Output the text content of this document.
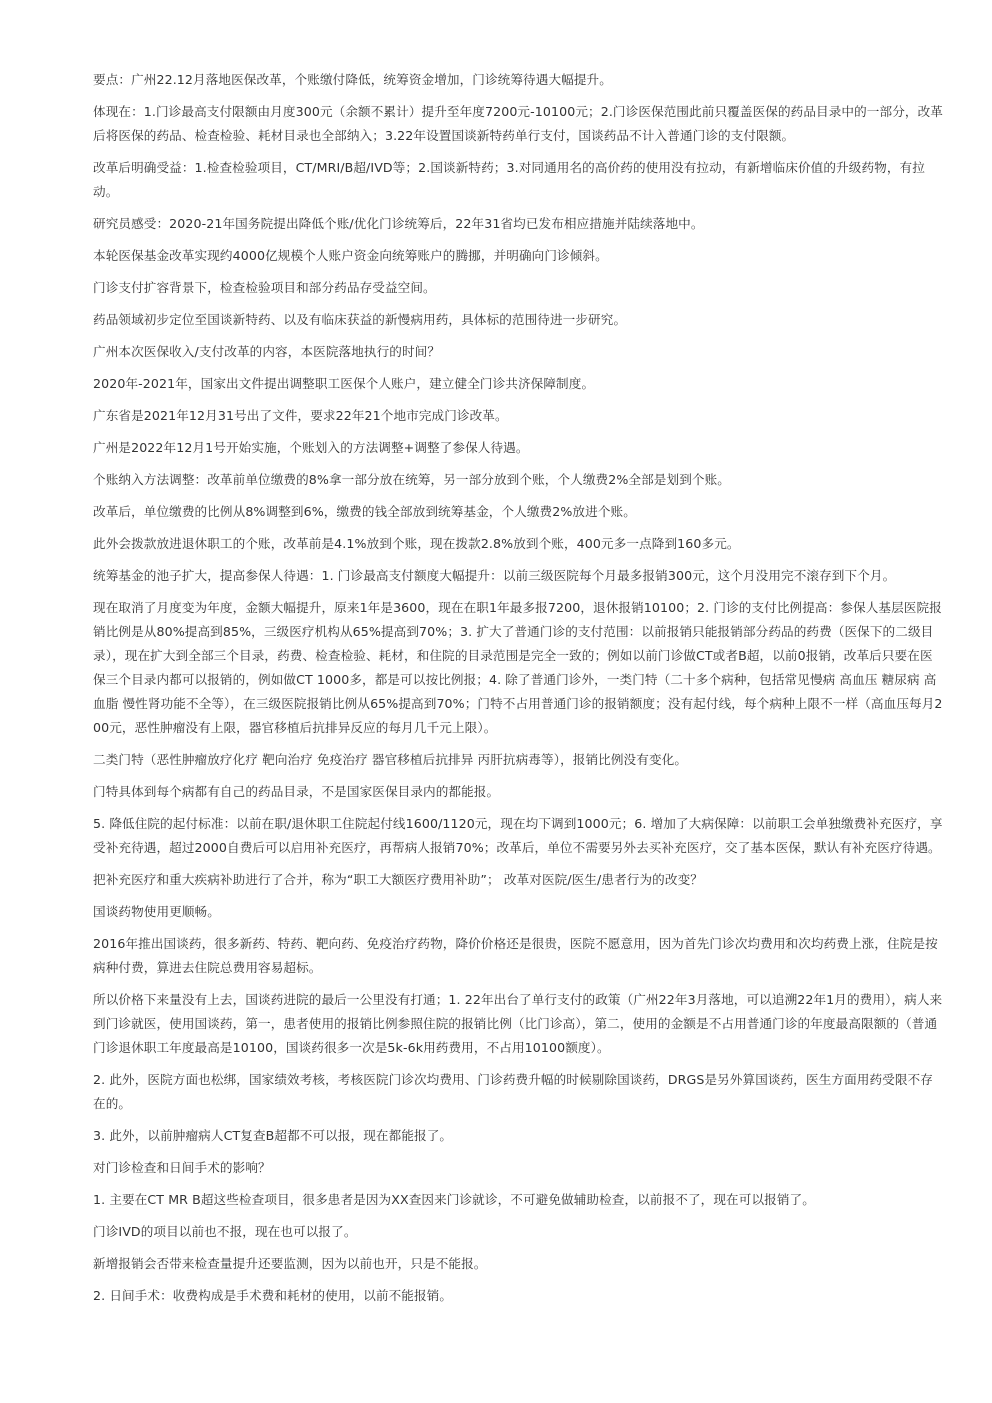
要点：广州22.12月落地医保改革，个账缴付降低，统筹资金增加，门诊统筹待遇大幅提升。

体现在：1.门诊最高支付限额由月度300元（余额不累计）提升至年度7200元-10100元；2.门诊医保范围此前只覆盖医保的药品目录中的一部分，改革后将医保的药品、检查检验、耗材目录也全部纳入；3.22年设置国谈新特药单行支付，国谈药品不计入普通门诊的支付限额。

改革后明确受益：1.检查检验项目，CT/MRI/B超/IVD等；2.国谈新特药；3.对同通用名的高价药的使用没有拉动，有新增临床价值的升级药物，有拉动。

研究员感受：2020-21年国务院提出降低个账/优化门诊统筹后，22年31省均已发布相应措施并陆续落地中。

本轮医保基金改革实现约4000亿规模个人账户资金向统筹账户的腾挪，并明确向门诊倾斜。

门诊支付扩容背景下，检查检验项目和部分药品存受益空间。

药品领域初步定位至国谈新特药、以及有临床获益的新慢病用药，具体标的范围待进一步研究。

广州本次医保收入/支付改革的内容，本医院落地执行的时间？

2020年-2021年，国家出文件提出调整职工医保个人账户，建立健全门诊共济保障制度。

广东省是2021年12月31号出了文件，要求22年21个地市完成门诊改革。

广州是2022年12月1号开始实施，个账划入的方法调整+调整了参保人待遇。

个账纳入方法调整：改革前单位缴费的8%拿一部分放在统筹，另一部分放到个账，个人缴费2%全部是划到个账。

改革后，单位缴费的比例从8%调整到6%，缴费的钱全部放到统筹基金，个人缴费2%放进个账。

此外会拨款放进退休职工的个账，改革前是4.1%放到个账，现在拨款2.8%放到个账，400元多一点降到160多元。

统筹基金的池子扩大，提高参保人待遇：1. 门诊最高支付额度大幅提升：以前三级医院每个月最多报销300元，这个月没用完不滚存到下个月。

现在取消了月度变为年度，金额大幅提升，原来1年是3600，现在在职1年最多报7200，退休报销10100；2. 门诊的支付比例提高：参保人基层医院报销比例是从80%提高到85%，三级医疗机构从65%提高到70%；3. 扩大了普通门诊的支付范围：以前报销只能报销部分药品的药费（医保下的二级目录），现在扩大到全部三个目录，药费、检查检验、耗材，和住院的目录范围是完全一致的；例如以前门诊做CT或者B超，以前0报销，改革后只要在医保三个目录内都可以报销的，例如做CT 1000多，都是可以按比例报；4. 除了普通门诊外，一类门特（二十多个病种，包括常见慢病 高血压 糖尿病 高血脂 慢性肾功能不全等），在三级医院报销比例从65%提高到70%；门特不占用普通门诊的报销额度；没有起付线，每个病种上限不一样（高血压每月200元，恶性肿瘤没有上限，器官移植后抗排异反应的每月几千元上限）。

二类门特（恶性肿瘤放疗化疗 靶向治疗 免疫治疗 器官移植后抗排异 丙肝抗病毒等），报销比例没有变化。

门特具体到每个病都有自己的药品目录，不是国家医保目录内的都能报。

5. 降低住院的起付标准：以前在职/退休职工住院起付线1600/1120元，现在均下调到1000元；6. 增加了大病保障：以前职工会单独缴费补充医疗，享受补充待遇，超过2000自费后可以启用补充医疗，再帮病人报销70%；改革后，单位不需要另外去买补充医疗，交了基本医保，默认有补充医疗待遇。

把补充医疗和重大疾病补助进行了合并，称为“职工大额医疗费用补助”； 改革对医院/医生/患者行为的改变？

国谈药物使用更顺畅。

2016年推出国谈药，很多新药、特药、靶向药、免疫治疗药物，降价价格还是很贵，医院不愿意用，因为首先门诊次均费用和次均药费上涨，住院是按病种付费，算进去住院总费用容易超标。

所以价格下来量没有上去，国谈药进院的最后一公里没有打通；1. 22年出台了单行支付的政策（广州22年3月落地，可以追溯22年1月的费用），病人来到门诊就医，使用国谈药，第一，患者使用的报销比例参照住院的报销比例（比门诊高），第二，使用的金额是不占用普通门诊的年度最高限额的（普通门诊退休职工年度最高是10100，国谈药很多一次是5k-6k用药费用，不占用10100额度）。

2. 此外，医院方面也松绑，国家绩效考核，考核医院门诊次均费用、门诊药费升幅的时候剔除国谈药，DRGS是另外算国谈药，医生方面用药受限不存在的。

3. 此外，以前肿瘤病人CT复查B超都不可以报，现在都能报了。

对门诊检查和日间手术的影响？

1. 主要在CT MR B超这些检查项目，很多患者是因为XX查因来门诊就诊，不可避免做辅助检查，以前报不了，现在可以报销了。

门诊IVD的项目以前也不报，现在也可以报了。

新增报销会否带来检查量提升还要监测，因为以前也开，只是不能报。

2. 日间手术：收费构成是手术费和耗材的使用，以前不能报销。
